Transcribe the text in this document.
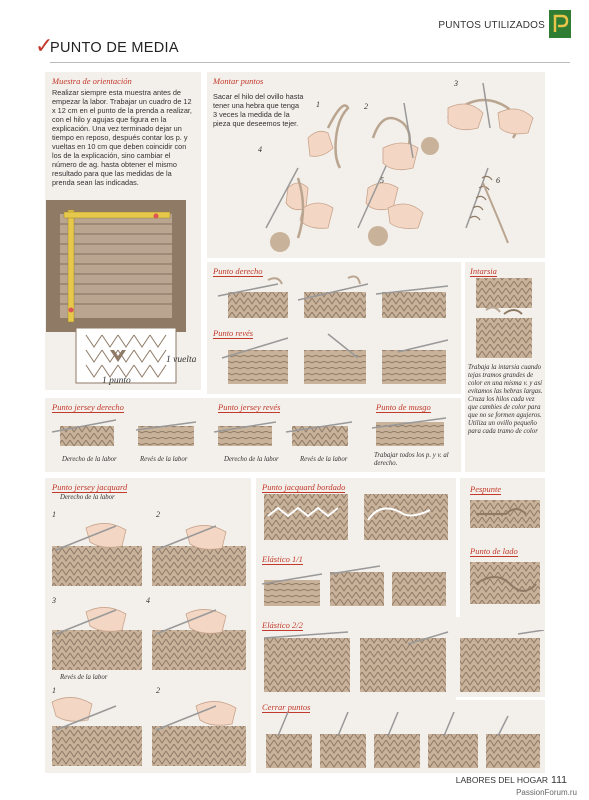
PUNTOS UTILIZADOS
✓
PUNTO DE MEDIA
Muestra de orientación
Realizar siempre esta muestra antes de empezar la labor. Trabajar un cuadro de 12 x 12 cm en el punto de la prenda a realizar, con el hilo y agujas que figura en la explicación. Una vez terminado dejar un tiempo en reposo, después contar los p. y vueltas en 10 cm que deben coincidir con los de la explicación, sino cambiar el número de ag. hasta obtener el mismo resultado para que las medidas de la prenda sean las indicadas.
1 vuelta
1 punto
Montar puntos
Sacar el hilo del ovillo hasta tener una hebra que tenga 3 veces la medida de la pieza que deseemos tejer.
1	2
3
4
5	6
Punto derecho
Punto revés
Intarsia
Trabaja la intarsia cuando tejas tramos grandes de color en una misma v. y así evitamos las hebras largas. Cruza los hilos cada vez que cambies de color para que no se formen agujeros. Utiliza un ovillo pequeño para cada tramo de color
Punto jersey derecho	Punto jersey revés	Punto de musgo
Derecho de la labor	Revés de la labor	Derecho de la labor	Revés de la labor
Trabajar todos los p. y v. al derecho.
Punto jersey jacquard
Derecho de la labor
Revés de la labor
1	2
3	4
1	2
Punto jacquard bordado
Elástico 1/1
Pespunte
Punto de lado
Elástico 2/2
Cerrar puntos
LABORES DEL HOGAR 111
PassionForum.ru
